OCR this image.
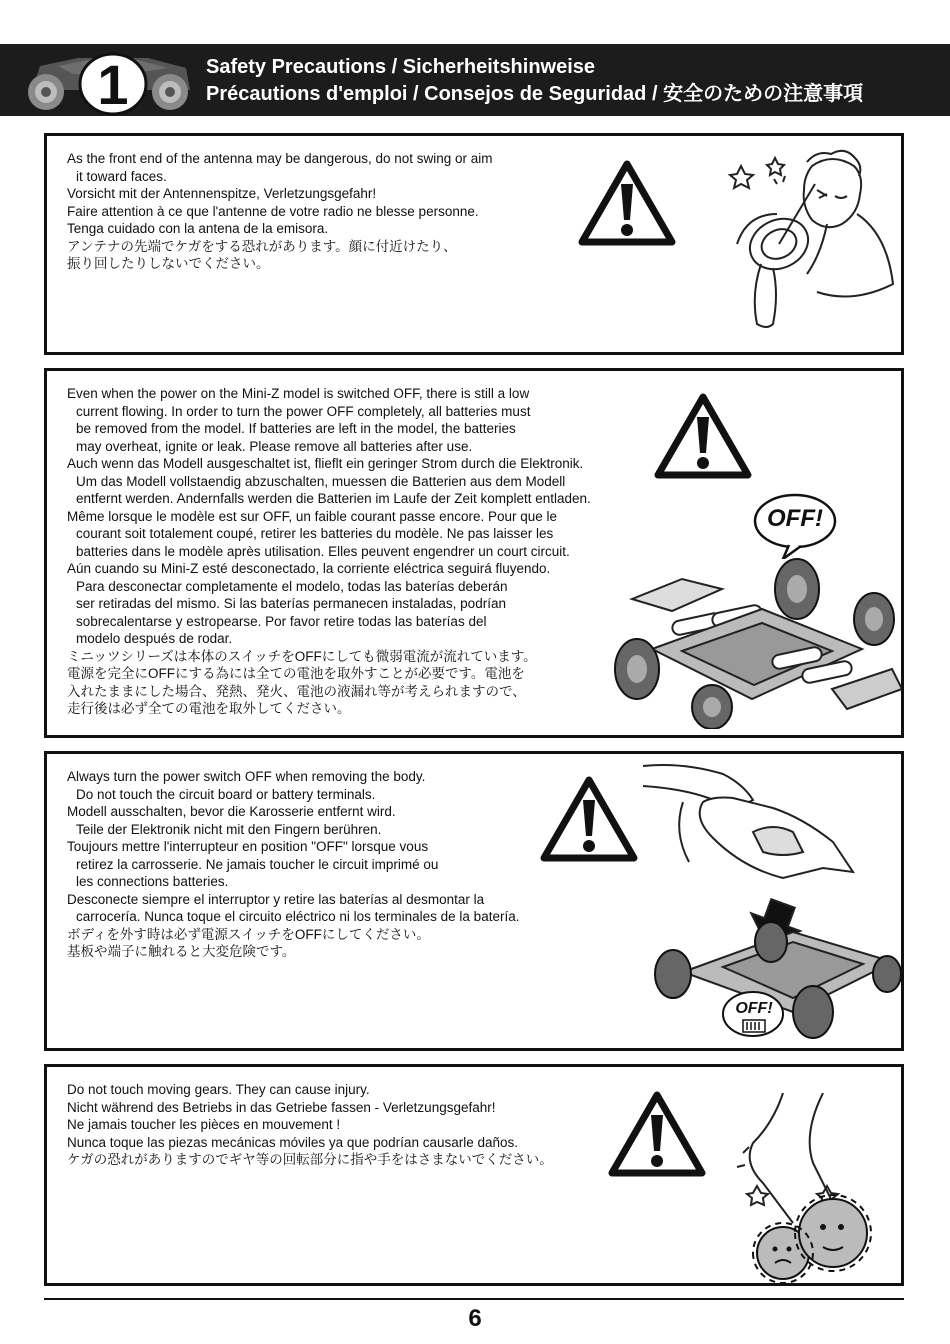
1	Safety Precautions / Sicherheitshinweise
Précautions d'emploi / Consejos de Seguridad / 安全のための注意事項
As the front end of the antenna may be dangerous, do not swing or aim
it toward faces.
Vorsicht mit der Antennenspitze, Verletzungsgefahr!
Faire attention à ce que l'antenne de votre radio ne blesse personne.
Tenga cuidado con la antena de la emisora.
アンテナの先端でケガをする恐れがあります。顔に付近けたり、
振り回したりしないでください。
Even when the power on the Mini-Z model is switched OFF, there is still a low
current flowing. In order to turn the power OFF completely, all batteries must
be removed from the model. If batteries are left in the model, the batteries
may overheat, ignite or leak. Please remove all batteries after use.
Auch wenn das Modell ausgeschaltet ist, flieflt ein geringer Strom durch die Elektronik.
Um das Modell vollstaendig abzuschalten, muessen die Batterien aus dem Modell
entfernt werden. Andernfalls werden die Batterien im Laufe der Zeit komplett entladen.
Même lorsque le modèle est sur OFF, un faible courant passe encore. Pour que le
courant soit totalement coupé, retirer les batteries du modèle. Ne pas laisser les
batteries dans le modèle après utilisation. Elles peuvent engendrer un court circuit.
Aún cuando su Mini-Z esté desconectado, la corriente eléctrica seguirá fluyendo.
Para desconectar completamente el modelo, todas las baterías deberán
ser retiradas del mismo. Si las baterías permanecen instaladas, podrían
sobrecalentarse y estropearse. Por favor retire todas las baterías del
modelo después de rodar.
ミニッツシリーズは本体のスイッチをOFFにしても微弱電流が流れています。
電源を完全にOFFにする為には全ての電池を取外すことが必要です。電池を
入れたままにした場合、発熱、発火、電池の液漏れ等が考えられますので、
走行後は必ず全ての電池を取外してください。
OFF!
Always turn the power switch OFF when removing the body.
Do not touch the circuit board or battery terminals.
Modell ausschalten, bevor die Karosserie entfernt wird.
Teile der Elektronik nicht mit den Fingern berühren.
Toujours mettre l'interrupteur en position "OFF" lorsque vous
retirez la carrosserie. Ne jamais toucher le circuit imprimé ou
les connections batteries.
Desconecte siempre el interruptor y retire las baterías al desmontar la
carrocería. Nunca toque el circuito eléctrico ni los terminales de la batería.
ボディを外す時は必ず電源スイッチをOFFにしてください。
基板や端子に触れると大変危険です。
OFF!
Do not touch moving gears. They can cause injury.
Nicht während des Betriebs in das Getriebe fassen - Verletzungsgefahr!
Ne jamais toucher les pièces en mouvement !
Nunca toque las piezas mecánicas móviles ya que podrían causarle daños.
ケガの恐れがありますのでギヤ等の回転部分に指や手をはさまないでください。
6
